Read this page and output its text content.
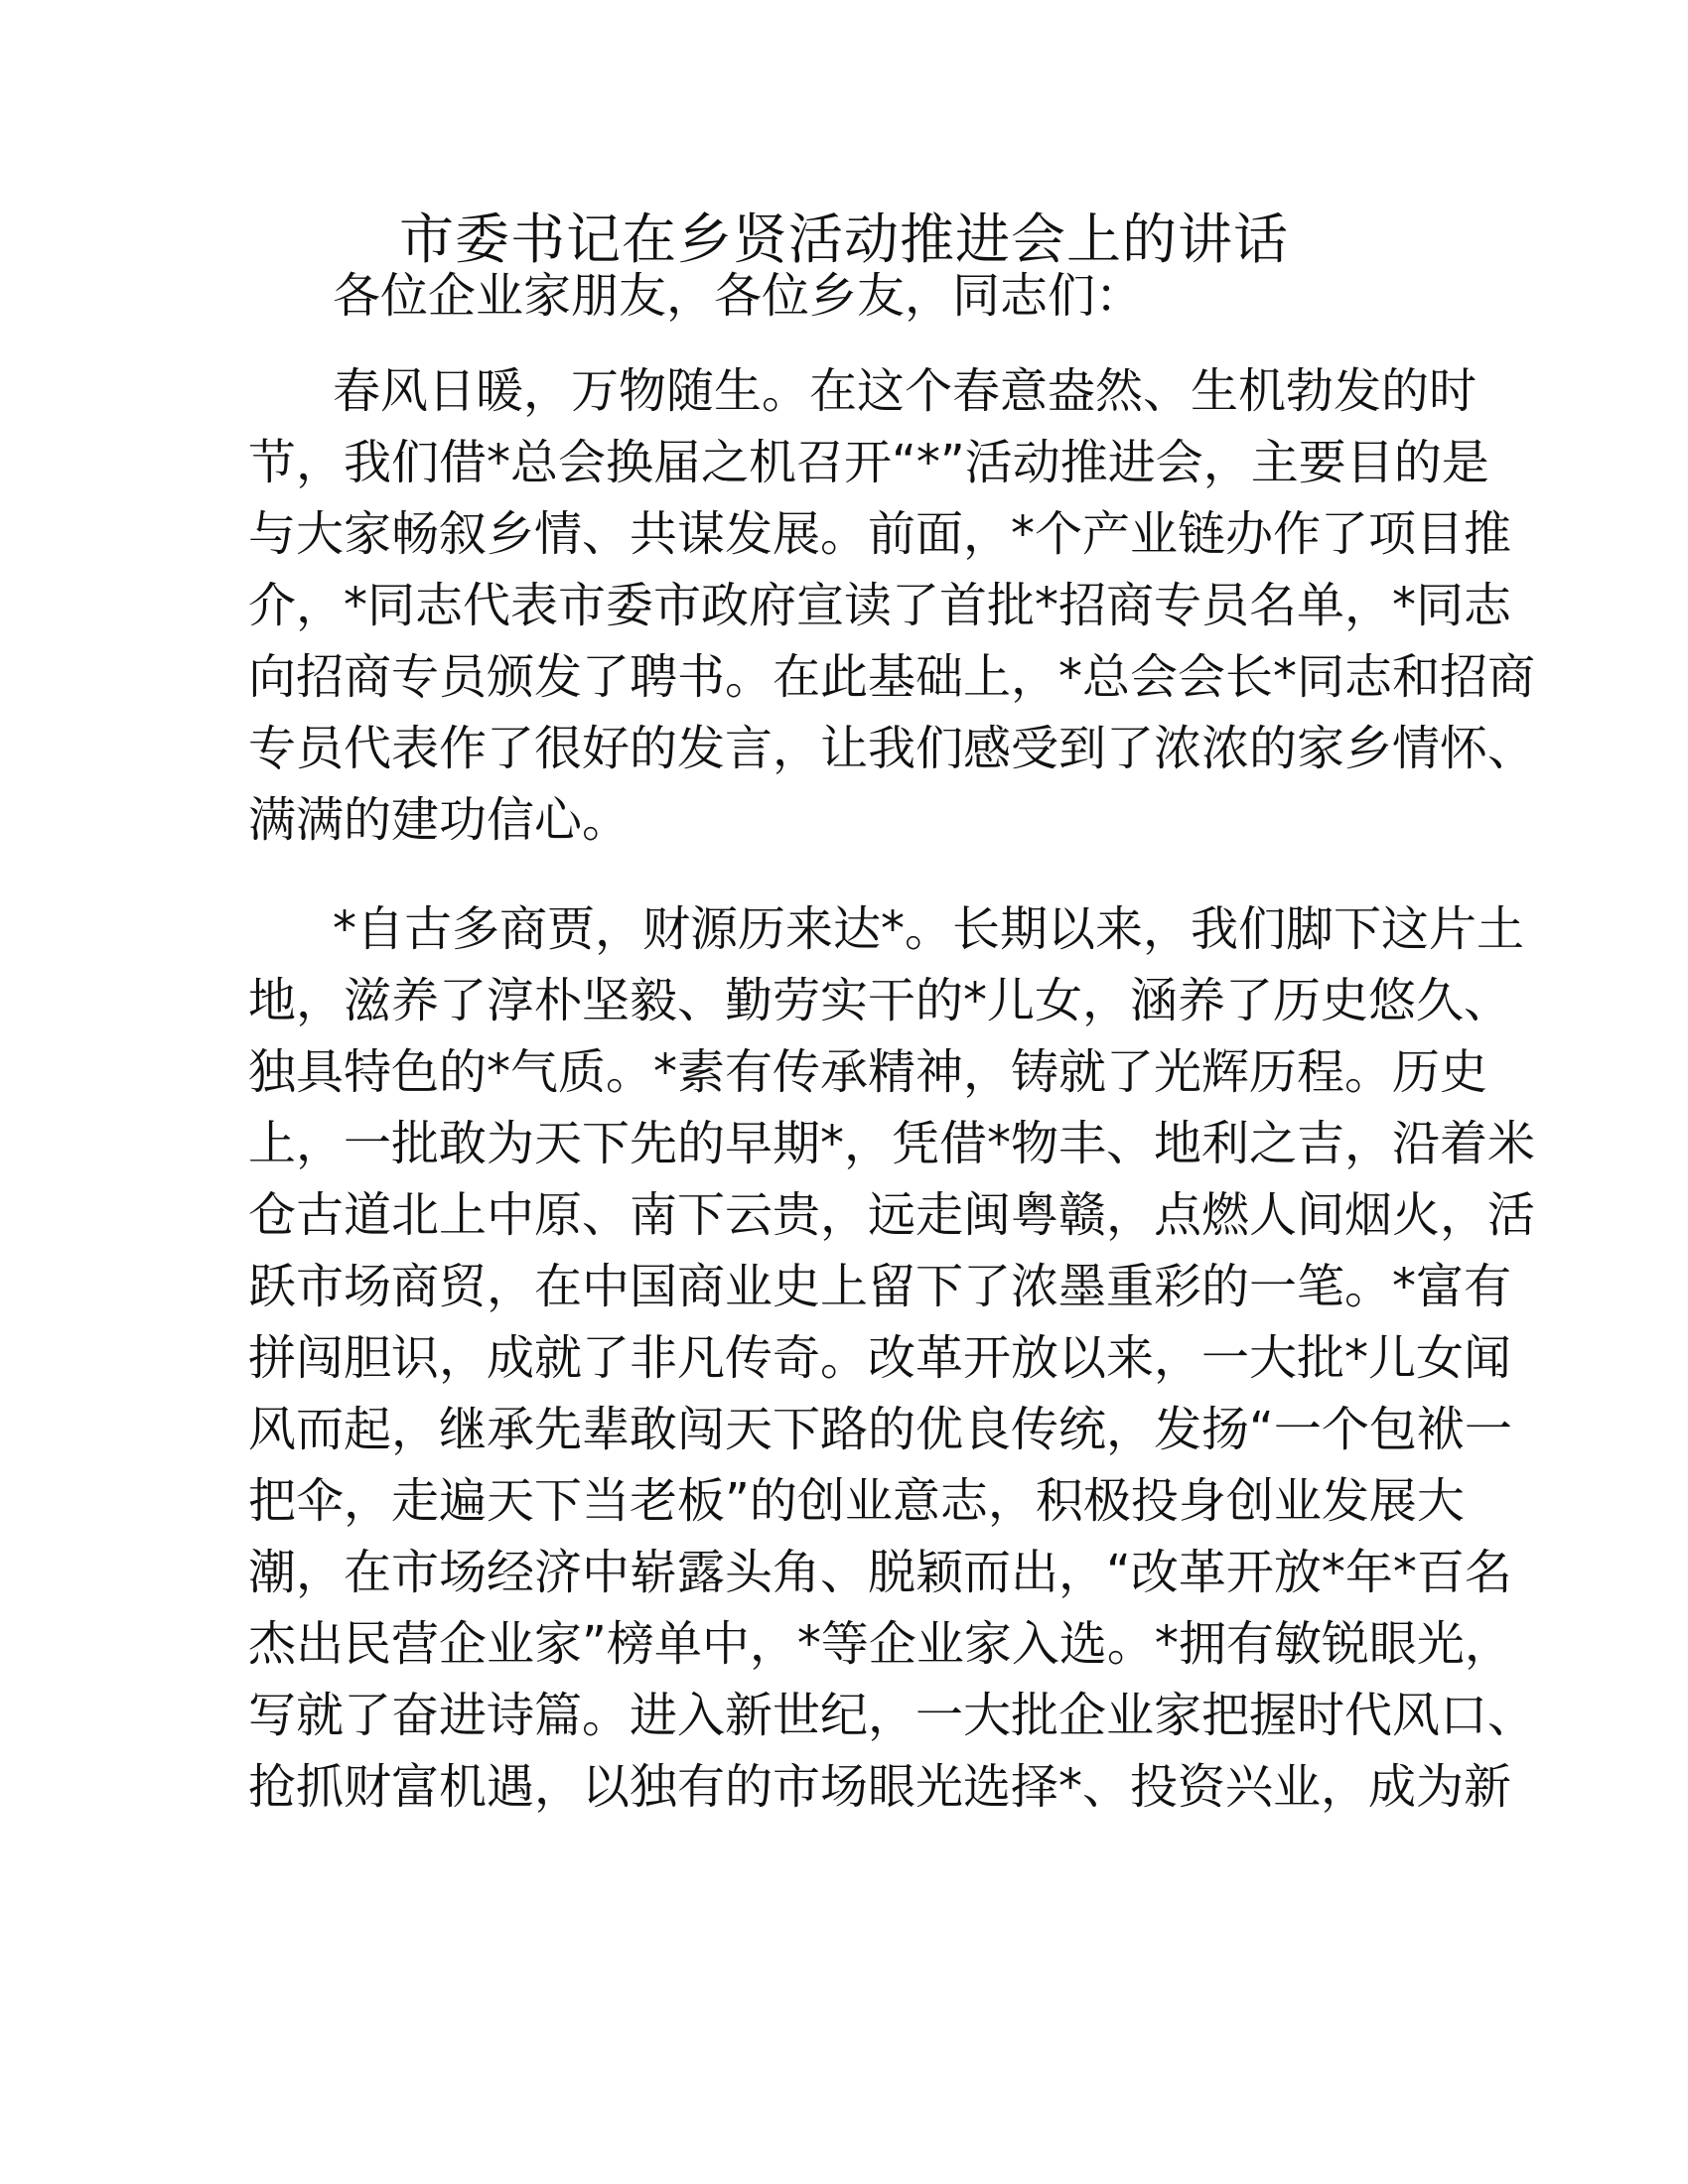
市委书记在乡贤活动推进会上的讲话

各位企业家朋友，各位乡友，同志们：

春风日暖，万物随生。在这个春意盎然、生机勃发的时

节，我们借*总会换届之机召开“*”活动推进会，主要目的是

与大家畅叙乡情、共谋发展。前面，*个产业链办作了项目推

介，*同志代表市委市政府宣读了首批*招商专员名单，*同志

向招商专员颁发了聘书。在此基础上，*总会会长*同志和招商

专员代表作了很好的发言，让我们感受到了浓浓的家乡情怀、

满满的建功信心。

*自古多商贾，财源历来达*。长期以来，我们脚下这片土

地，滋养了淳朴坚毅、勤劳实干的*儿女，涵养了历史悠久、

独具特色的*气质。*素有传承精神，铸就了光辉历程。历史

上，一批敢为天下先的早期*，凭借*物丰、地利之吉，沿着米

仓古道北上中原、南下云贵，远走闽粤赣，点燃人间烟火，活

跃市场商贸，在中国商业史上留下了浓墨重彩的一笔。*富有

拼闯胆识，成就了非凡传奇。改革开放以来，一大批*儿女闻

风而起，继承先辈敢闯天下路的优良传统，发扬“一个包袱一

把伞，走遍天下当老板”的创业意志，积极投身创业发展大

潮，在市场经济中崭露头角、脱颖而出，“改革开放*年*百名

杰出民营企业家”榜单中，*等企业家入选。*拥有敏锐眼光，

写就了奋进诗篇。进入新世纪，一大批企业家把握时代风口、

抢抓财富机遇，以独有的市场眼光选择*、投资兴业，成为新
